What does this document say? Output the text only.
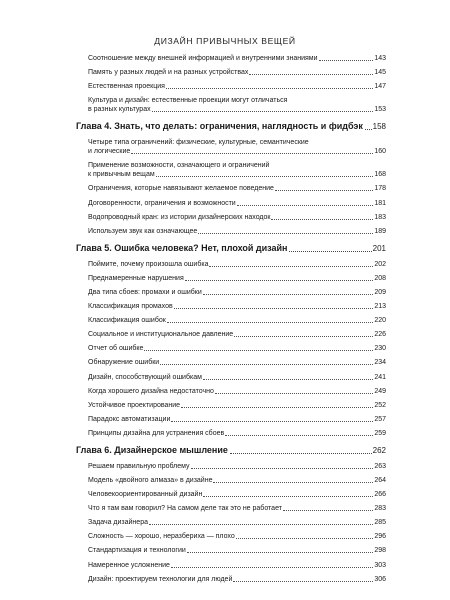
ДИЗАЙН ПРИВЫЧНЫХ ВЕЩЕЙ
Соотношение между внешней информацией и внутренними знаниями	143
Память у разных людей и на разных устройствах	145
Естественная проекция	147
Культура и дизайн: естественные проекции могут отличаться
в разных культурах	153
Глава 4. Знать, что делать: ограничения, наглядность и фидбэк 158
Четыре типа ограничений: физические, культурные, семантические
и логические	160
Применение возможности, означающего и ограничений
к привычным вещам	168
Ограничения, которые навязывают желаемое поведение	178
Договоренности, ограничения и возможности	181
Водопроводный кран: из истории дизайнерских находок	183
Используем звук как означающее	189
Глава 5. Ошибка человека? Нет, плохой дизайн	201
Поймите, почему произошла ошибка	202
Преднамеренные нарушения	208
Два типа сбоев: промахи и ошибки	209
Классификация промахов	213
Классификация ошибок	220
Социальное и институциональное давление	226
Отчет об ошибке	230
Обнаружение ошибки	234
Дизайн, способствующий ошибкам	241
Когда хорошего дизайна недостаточно	249
Устойчивое проектирование	252
Парадокс автоматизации	257
Принципы дизайна для устранения сбоев	259
Глава 6. Дизайнерское мышление	262
Решаем правильную проблему	263
Модель «двойного алмаза» в дизайне	264
Человекоориентированный дизайн	266
Что я там вам говорил? На самом деле так это не работает	283
Задача дизайнера	285
Сложность — хорошо, неразбериха — плохо	296
Стандартизация и технологии	298
Намеренное усложнение	303
Дизайн: проектируем технологии для людей	306
